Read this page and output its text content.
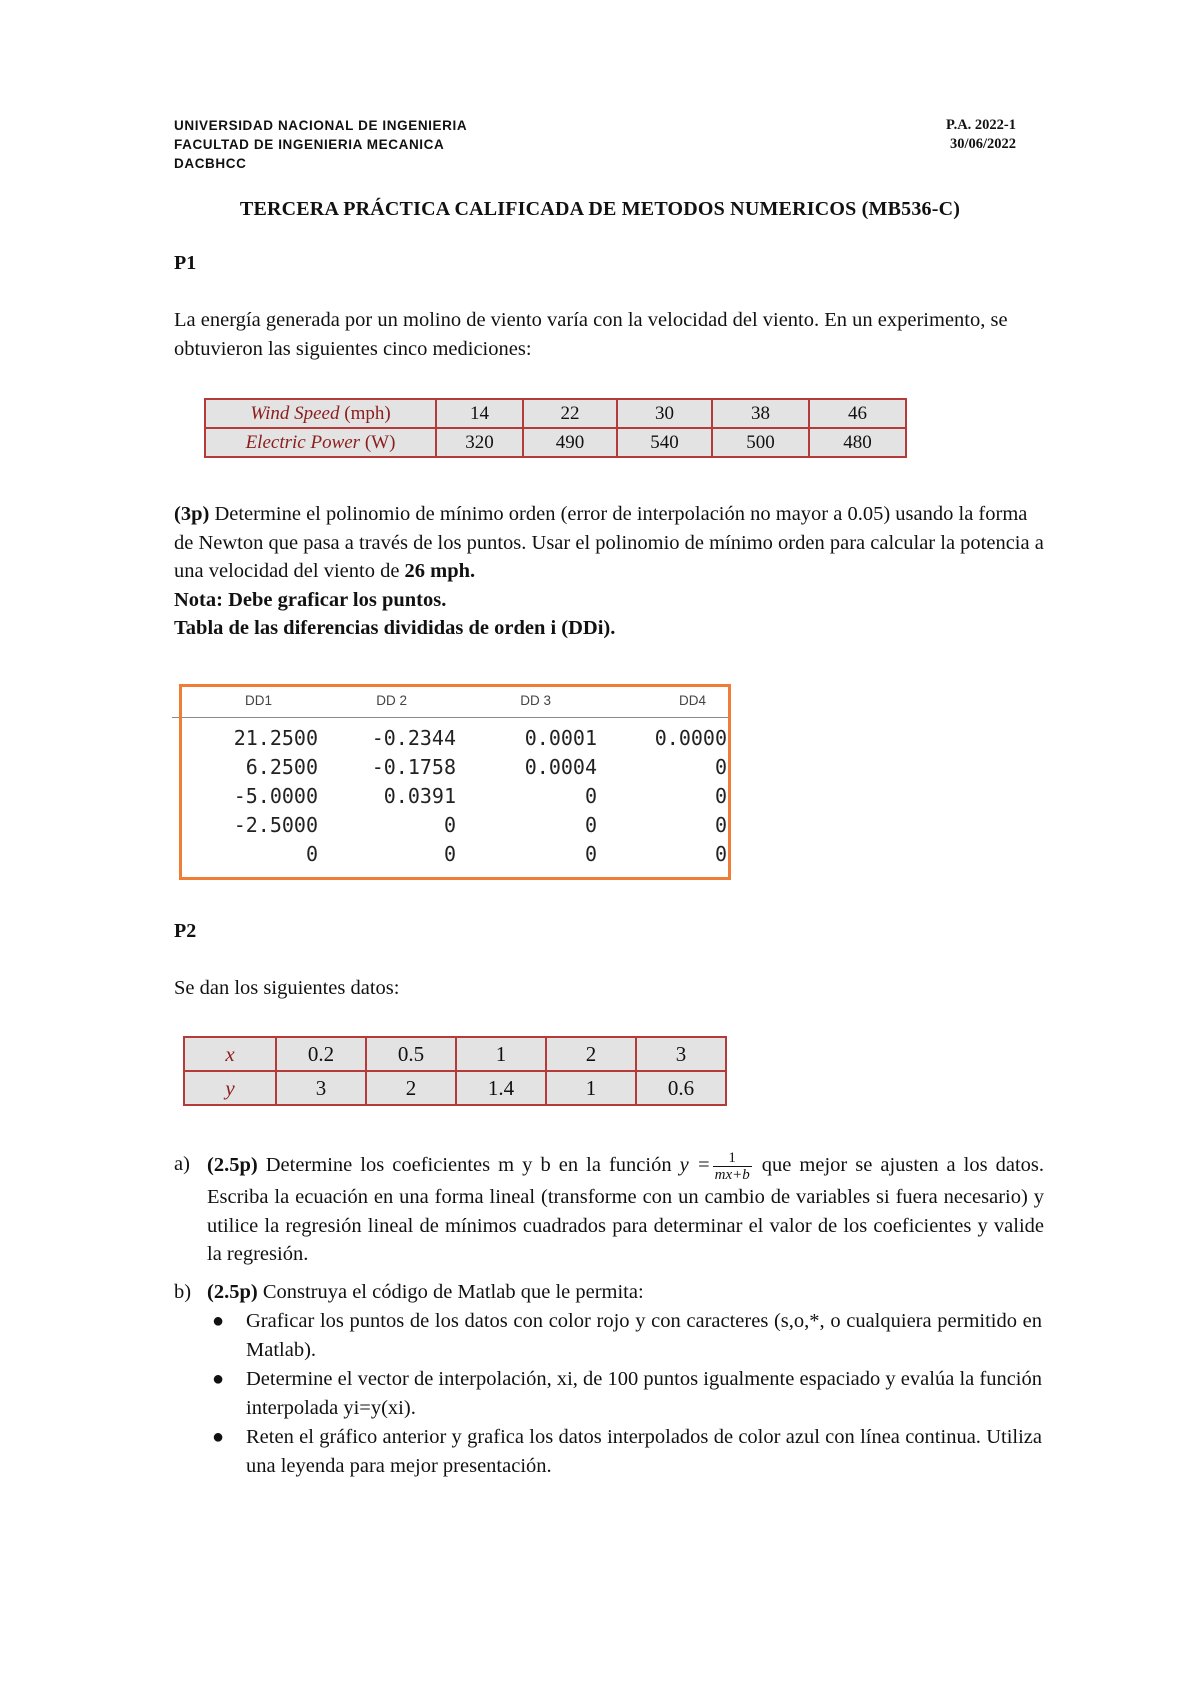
UNIVERSIDAD NACIONAL DE INGENIERIA
FACULTAD DE INGENIERIA MECANICA
DACBHCC
P.A. 2022-1
30/06/2022
TERCERA PRÁCTICA CALIFICADA DE METODOS NUMERICOS (MB536-C)
P1
La energía generada por un molino de viento varía con la velocidad del viento. En un experimento, se obtuvieron las siguientes cinco mediciones:
Wind Speed (mph)	14	22	30	38	46
Electric Power (W)	320	490	540	500	480

(3p) Determine el polinomio de mínimo orden (error de interpolación no mayor a 0.05) usando la forma de Newton que pasa a través de los puntos. Usar el polinomio de mínimo orden para calcular la potencia a una velocidad del viento de 26 mph.

Nota: Debe graficar los puntos.

Tabla de las diferencias divididas de orden i (DDi).

DD1	DD 2	DD 3	DD4
21.2500	-0.2344	0.0001	0.0000
6.2500	-0.1758	0.0004	0
-5.0000	0.0391	0	0
-2.5000	0	0	0
0	0	0	0
P2
Se dan los siguientes datos:
x	0.2	0.5	1	2	3
y	3	2	1.4	1	0.6
a) (2.5p) Determine los coeficientes m y b en la función $y = \frac{1}{mx+b}$ que mejor se ajusten a los datos. Escriba la ecuación en una forma lineal (transforme con un cambio de variables si fuera necesario) y utilice la regresión lineal de mínimos cuadrados para determinar el valor de los coeficientes y valide la regresión.
b) (2.5p) Construya el código de Matlab que le permita:
● Graficar los puntos de los datos con color rojo y con caracteres (s,o,*, o cualquiera permitido en Matlab).
● Determine el vector de interpolación, xi, de 100 puntos igualmente espaciado y evalúa la función interpolada yi=y(xi).
● Reten el gráfico anterior y grafica los datos interpolados de color azul con línea continua. Utiliza una leyenda para mejor presentación.
